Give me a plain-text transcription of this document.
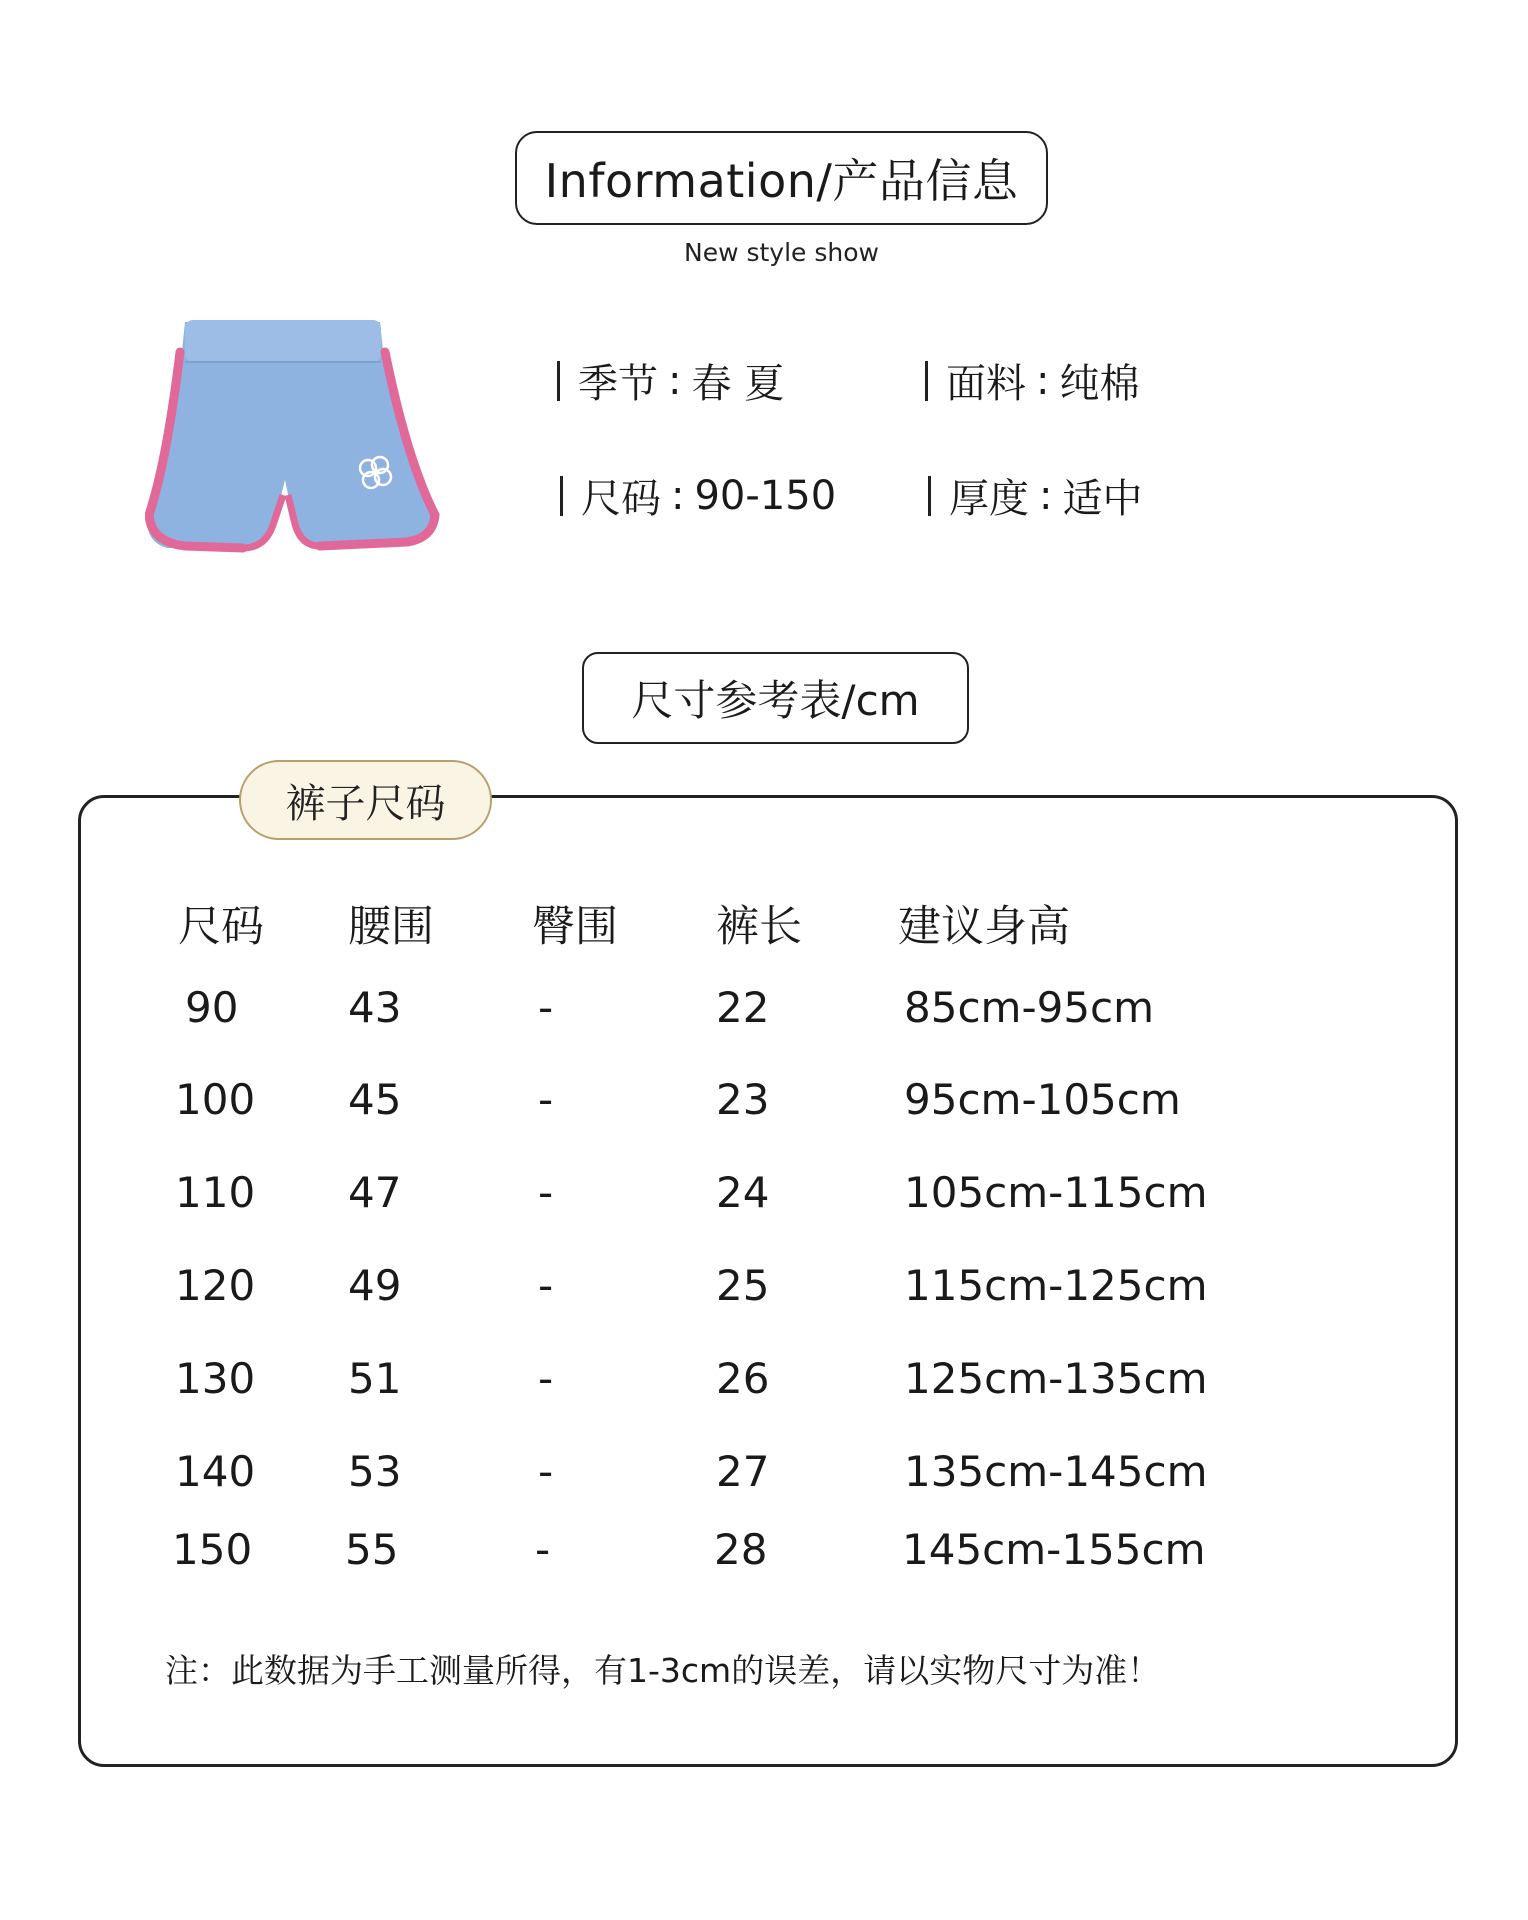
Information/产品信息
New style show
季节 : 春 夏	面料 : 纯棉
尺码 : 90-150	厚度 : 适中
尺寸参考表/cm
裤子尺码
尺码 腰围 臀围 裤长 建议身高
90	43	-	22	85cm-95cm
100 45	-	23	95cm-105cm
110 47	-	24	105cm-115cm
120 49	-	25	115cm-125cm
130 51	-	26	125cm-135cm
140 53	-	27	135cm-145cm
150 55	-	28	145cm-155cm
注：此数据为手工测量所得，有1-3cm的误差，请以实物尺寸为准！
